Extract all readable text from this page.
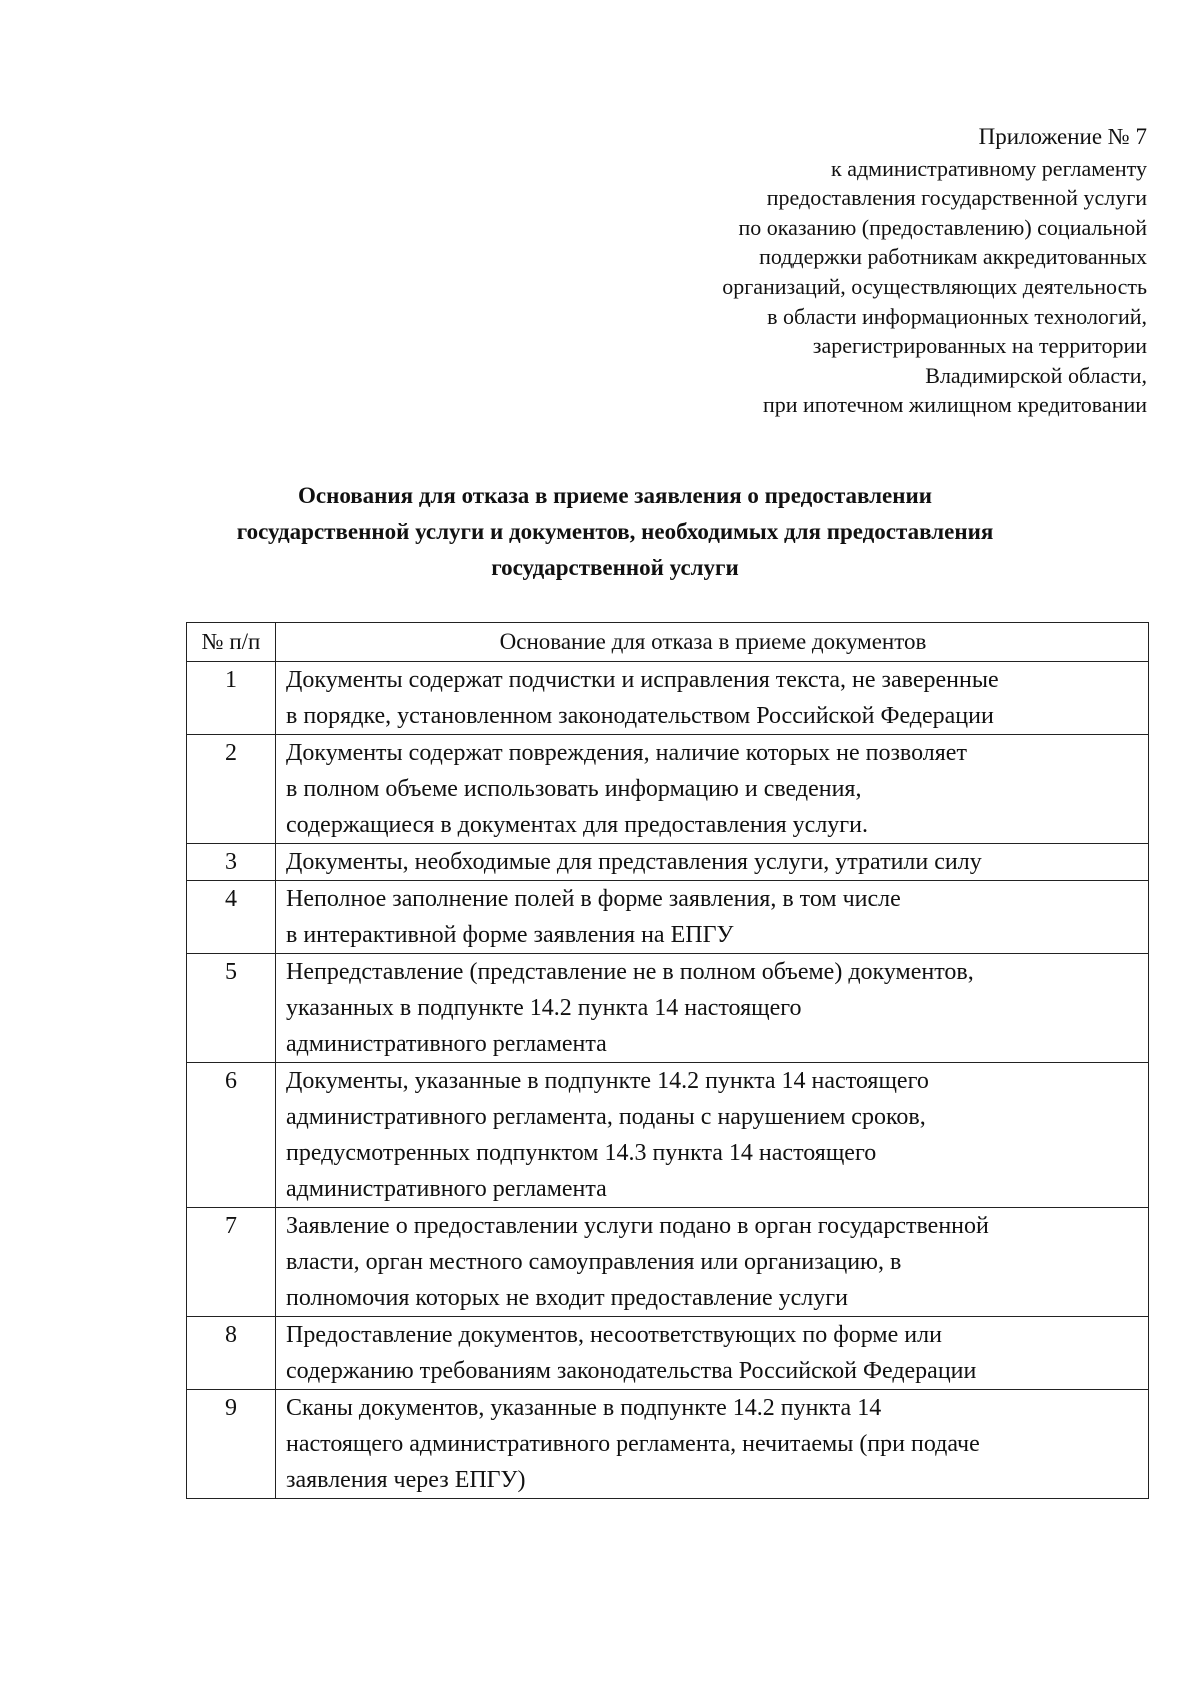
Приложение № 7
к административному регламенту
предоставления государственной услуги
по оказанию (предоставлению) социальной
поддержки работникам аккредитованных
организаций, осуществляющих деятельность
в области информационных технологий,
зарегистрированных на территории
Владимирской области,
при ипотечном жилищном кредитовании
Основания для отказа в приеме заявления о предоставлении
государственной услуги и документов, необходимых для предоставления
государственной услуги
№ п/п	Основание для отказа в приеме документов
1	Документы содержат подчистки и исправления текста, не заверенные
в порядке, установленном законодательством Российской Федерации

2	Документы содержат повреждения, наличие которых не позволяет
в полном объеме использовать информацию и сведения,
содержащиеся в документах для предоставления услуги.

3	Документы, необходимые для представления услуги, утратили силу

4	Неполное заполнение полей в форме заявления, в том числе
в интерактивной форме заявления на ЕПГУ

5	Непредставление (представление не в полном объеме) документов,
указанных в подпункте 14.2 пункта 14 настоящего
административного регламента

6	Документы, указанные в подпункте 14.2 пункта 14 настоящего
административного регламента, поданы с нарушением сроков,
предусмотренных подпунктом 14.3 пункта 14 настоящего
административного регламента

7	Заявление о предоставлении услуги подано в орган государственной
власти, орган местного самоуправления или организацию, в
полномочия которых не входит предоставление услуги

8	Предоставление документов, несоответствующих по форме или
содержанию требованиям законодательства Российской Федерации

9	Сканы документов, указанные в подпункте 14.2 пункта 14
настоящего административного регламента, нечитаемы (при подаче
заявления через ЕПГУ)
